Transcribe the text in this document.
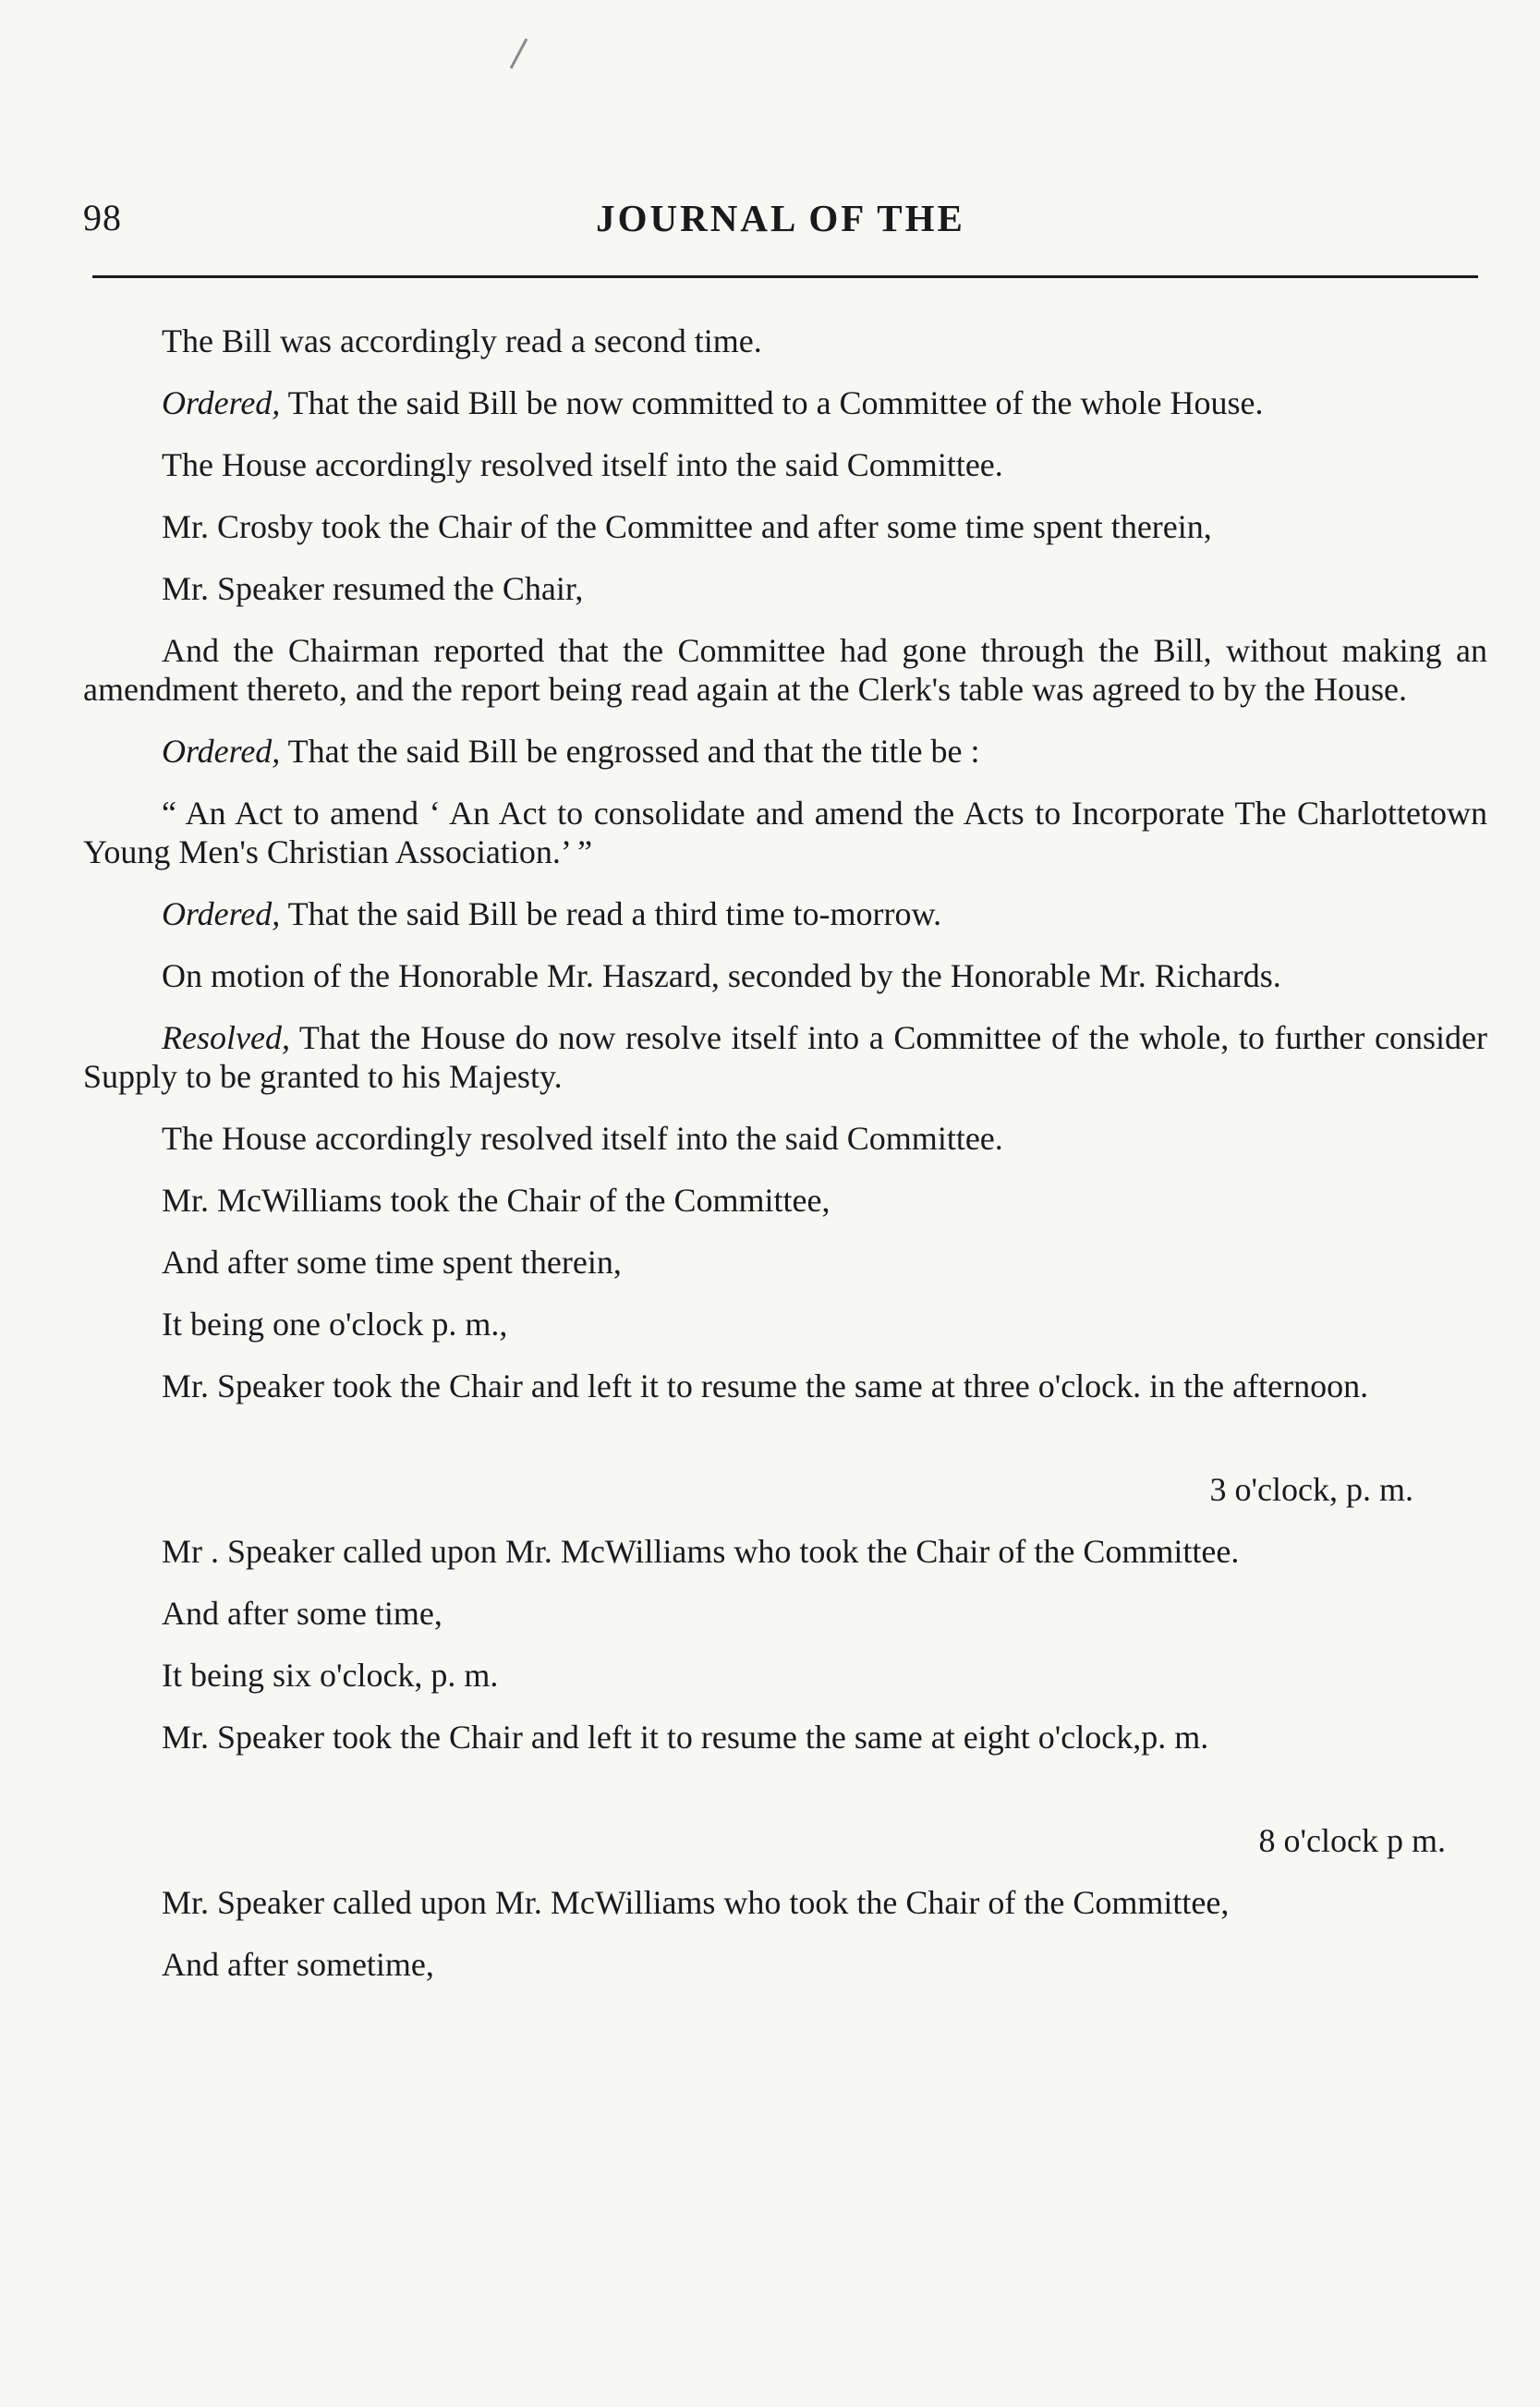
98	JOURNAL OF THE

The Bill was accordingly read a second time.

Ordered, That the said Bill be now committed to a Committee of the whole House.

The House accordingly resolved itself into the said Committee.

Mr. Crosby took the Chair of the Committee and after some time spent therein,

Mr. Speaker resumed the Chair,

And the Chairman reported that the Committee had gone through the Bill, without making an amendment thereto, and the report being read again at the Clerk's table was agreed to by the House.

Ordered, That the said Bill be engrossed and that the title be :

“ An Act to amend ‘ An Act to consolidate and amend the Acts to Incorporate The Charlottetown Young Men's Christian Association.’ ”

Ordered, That the said Bill be read a third time to-morrow.

On motion of the Honorable Mr. Haszard, seconded by the Honorable Mr. Richards.

Resolved, That the House do now resolve itself into a Committee of the whole, to further consider Supply to be granted to his Majesty.

The House accordingly resolved itself into the said Committee.

Mr. McWilliams took the Chair of the Committee,

And after some time spent therein,

It being one o'clock p. m.,

Mr. Speaker took the Chair and left it to resume the same at three o'clock. in the afternoon.

3 o'clock, p. m.

Mr . Speaker called upon Mr. McWilliams who took the Chair of the Committee.

And after some time,

It being six o'clock, p. m.

Mr. Speaker took the Chair and left it to resume the same at eight o'clock,p. m.

8 o'clock p m.

Mr. Speaker called upon Mr. McWilliams who took the Chair of the Committee,

And after sometime,
